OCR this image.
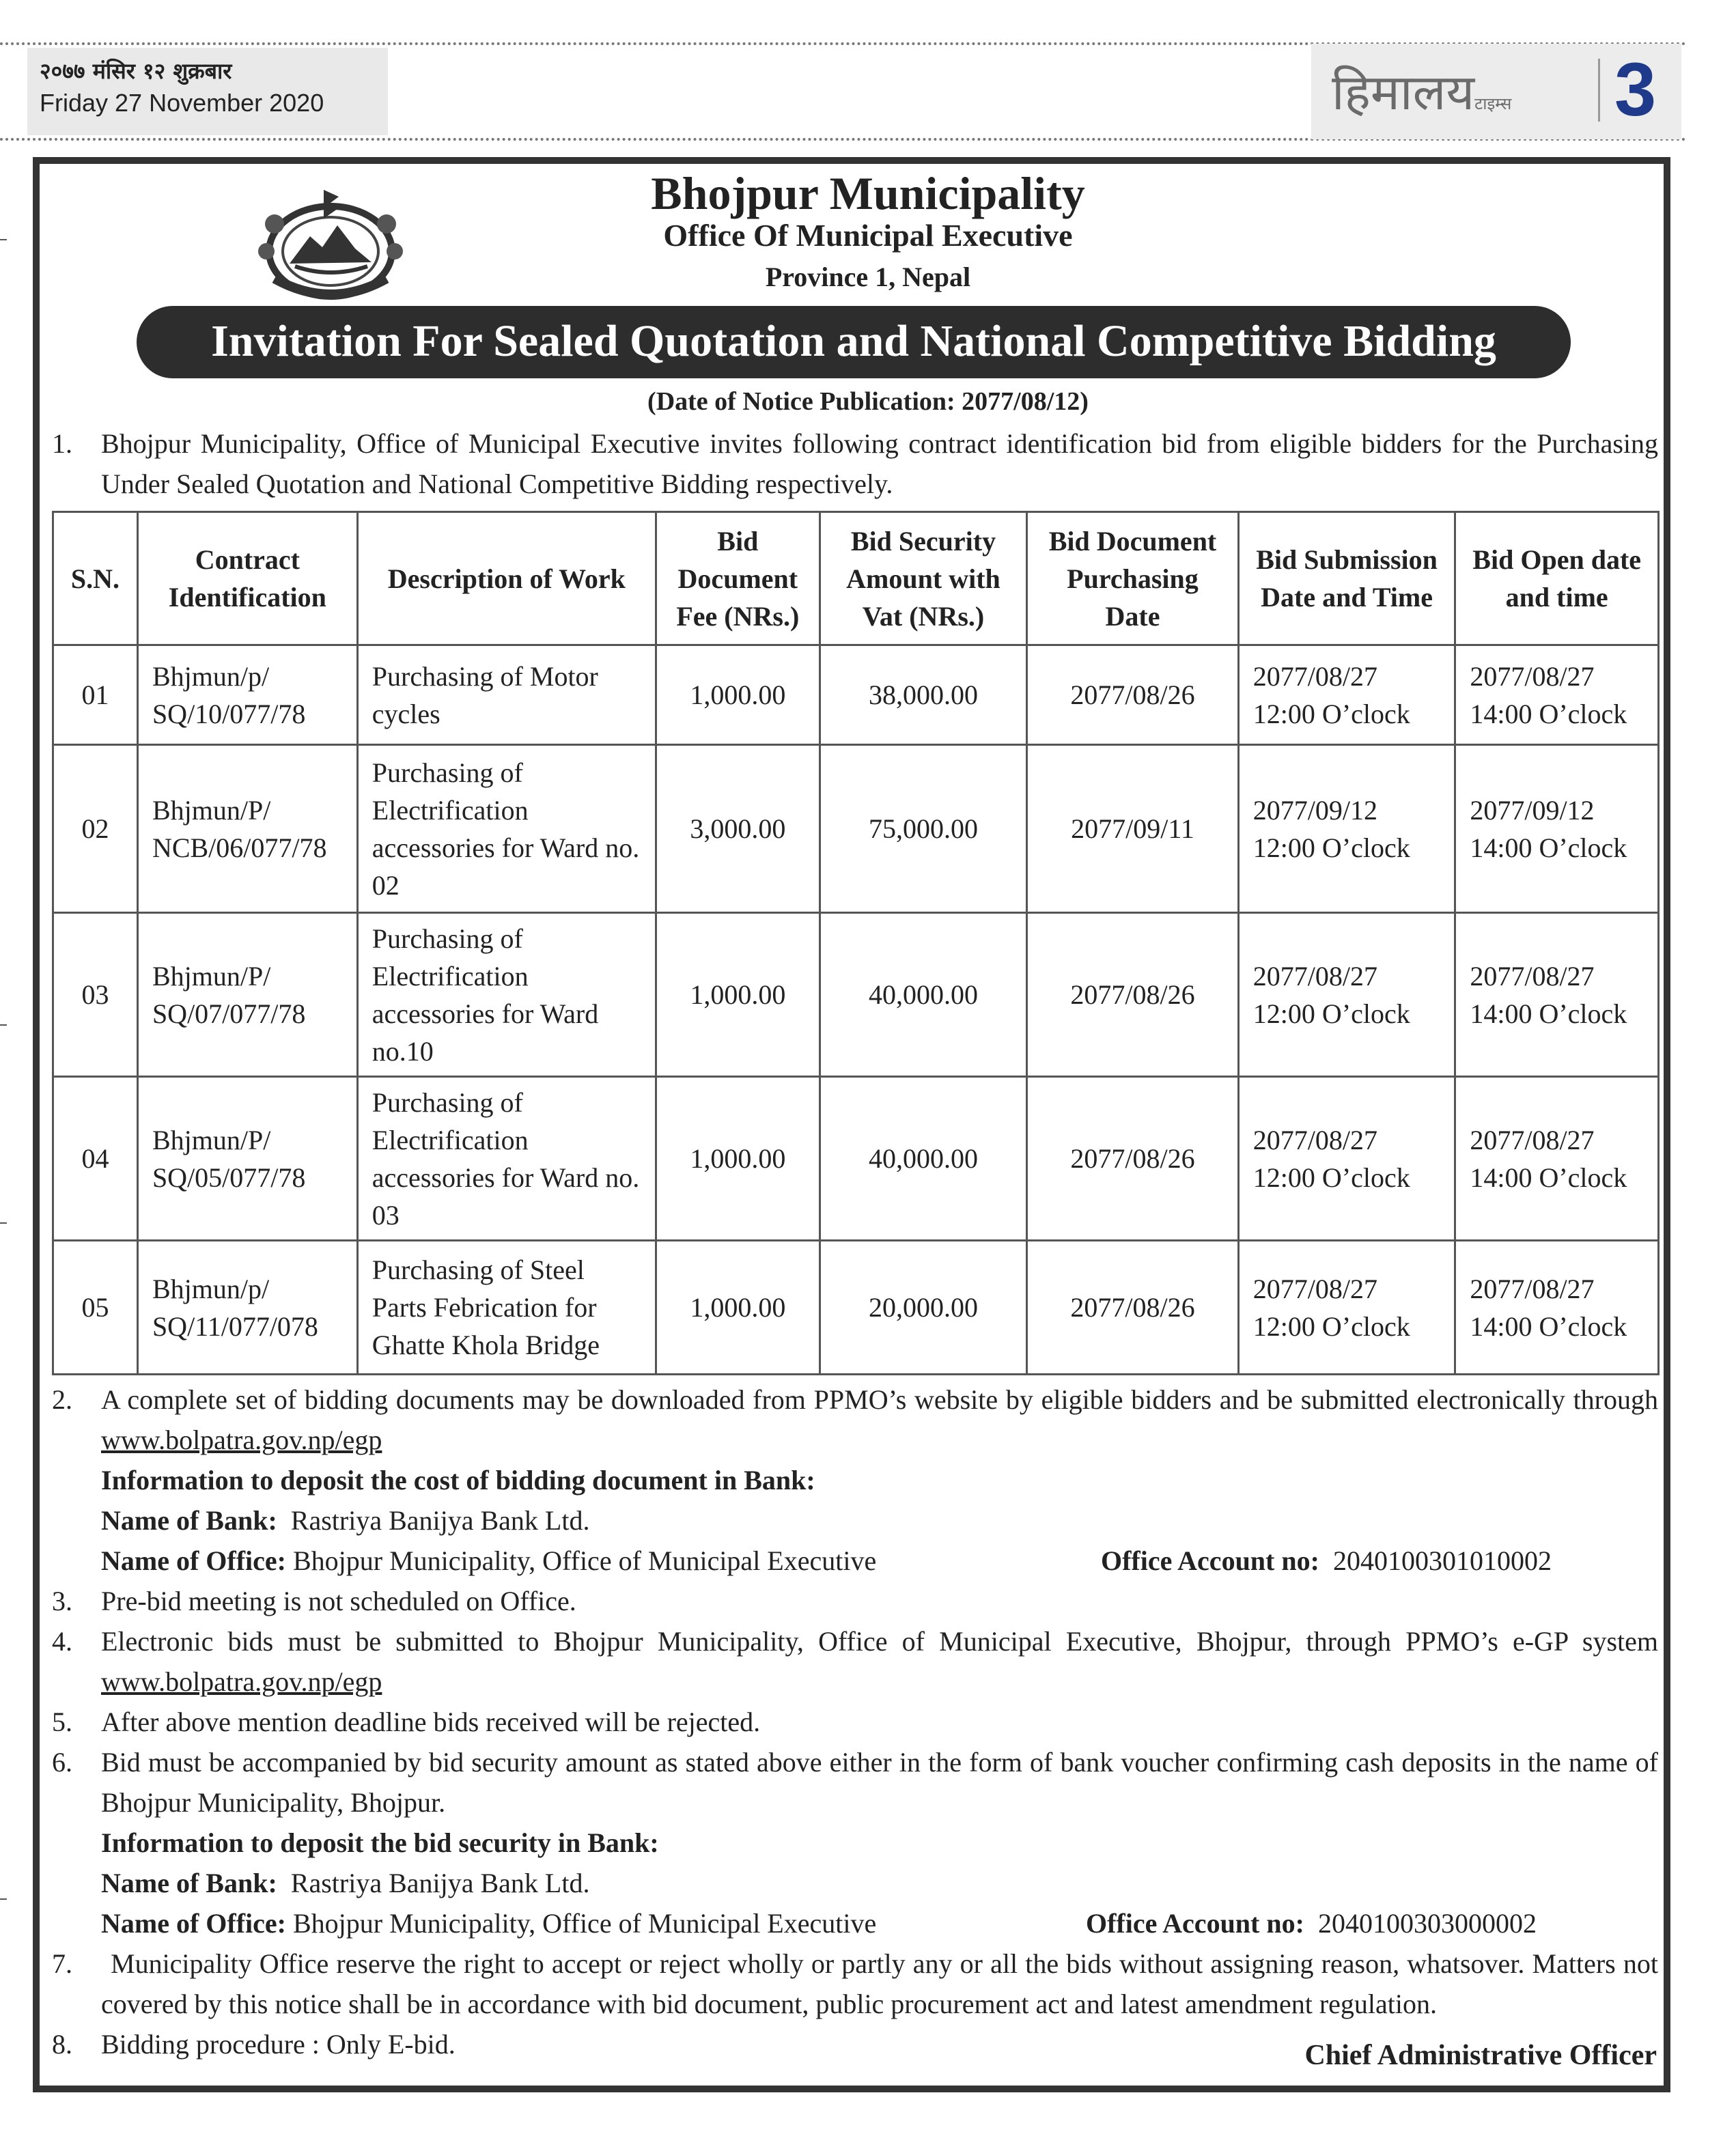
२०७७ मंसिर १२ शुक्रबार
Friday 27 November 2020	हिमालयटाइम्स 3
Bhojpur Municipality
Office Of Municipal Executive
Province 1, Nepal
Invitation For Sealed Quotation and National Competitive Bidding
(Date of Notice Publication: 2077/08/12)
1. Bhojpur Municipality, Office of Municipal Executive invites following contract identification bid from eligible bidders for the Purchasing Under Sealed Quotation and National Competitive Bidding respectively.
S.N.	Contract Identification	Description of Work	Bid Document Fee (NRs.)	Bid Security Amount with Vat (NRs.)	Bid Document Purchasing Date	Bid Submission Date and Time	Bid Open date and time
01	Bhjmun/p/ SQ/10/077/78	Purchasing of Motor cycles	1,000.00	38,000.00	2077/08/26	2077/08/27 12:00 O’clock	2077/08/27 14:00 O’clock
02	Bhjmun/P/ NCB/06/077/78	Purchasing of Electrification accessories for Ward no. 02	3,000.00	75,000.00	2077/09/11	2077/09/12 12:00 O’clock	2077/09/12 14:00 O’clock
03	Bhjmun/P/ SQ/07/077/78	Purchasing of Electrification accessories for Ward no.10	1,000.00	40,000.00	2077/08/26	2077/08/27 12:00 O’clock	2077/08/27 14:00 O’clock
04	Bhjmun/P/ SQ/05/077/78	Purchasing of Electrification accessories for Ward no. 03	1,000.00	40,000.00	2077/08/26	2077/08/27 12:00 O’clock	2077/08/27 14:00 O’clock
05	Bhjmun/p/ SQ/11/077/078	Purchasing of Steel Parts Febrication for Ghatte Khola Bridge	1,000.00	20,000.00	2077/08/26	2077/08/27 12:00 O’clock	2077/08/27 14:00 O’clock
2. A complete set of bidding documents may be downloaded from PPMO’s website by eligible bidders and be submitted electronically through www.bolpatra.gov.np/egp
Information to deposit the cost of bidding document in Bank:
Name of Bank: Rastriya Banijya Bank Ltd.
Name of Office: Bhojpur Municipality, Office of Municipal Executive	Office Account no: 2040100301010002
3. Pre-bid meeting is not scheduled on Office.
4. Electronic bids must be submitted to Bhojpur Municipality, Office of Municipal Executive, Bhojpur, through PPMO’s e-GP system www.bolpatra.gov.np/egp
5. After above mention deadline bids received will be rejected.
6. Bid must be accompanied by bid security amount as stated above either in the form of bank voucher confirming cash deposits in the name of Bhojpur Municipality, Bhojpur.
Information to deposit the bid security in Bank:
Name of Bank: Rastriya Banijya Bank Ltd.
Name of Office: Bhojpur Municipality, Office of Municipal Executive	Office Account no: 2040100303000002
7.	Municipality Office reserve the right to accept or reject wholly or partly any or all the bids without assigning reason, whatsover. Matters not covered by this notice shall be in accordance with bid document, public procurement act and latest amendment regulation.
8. Bidding procedure : Only E-bid.	Chief Administrative Officer
